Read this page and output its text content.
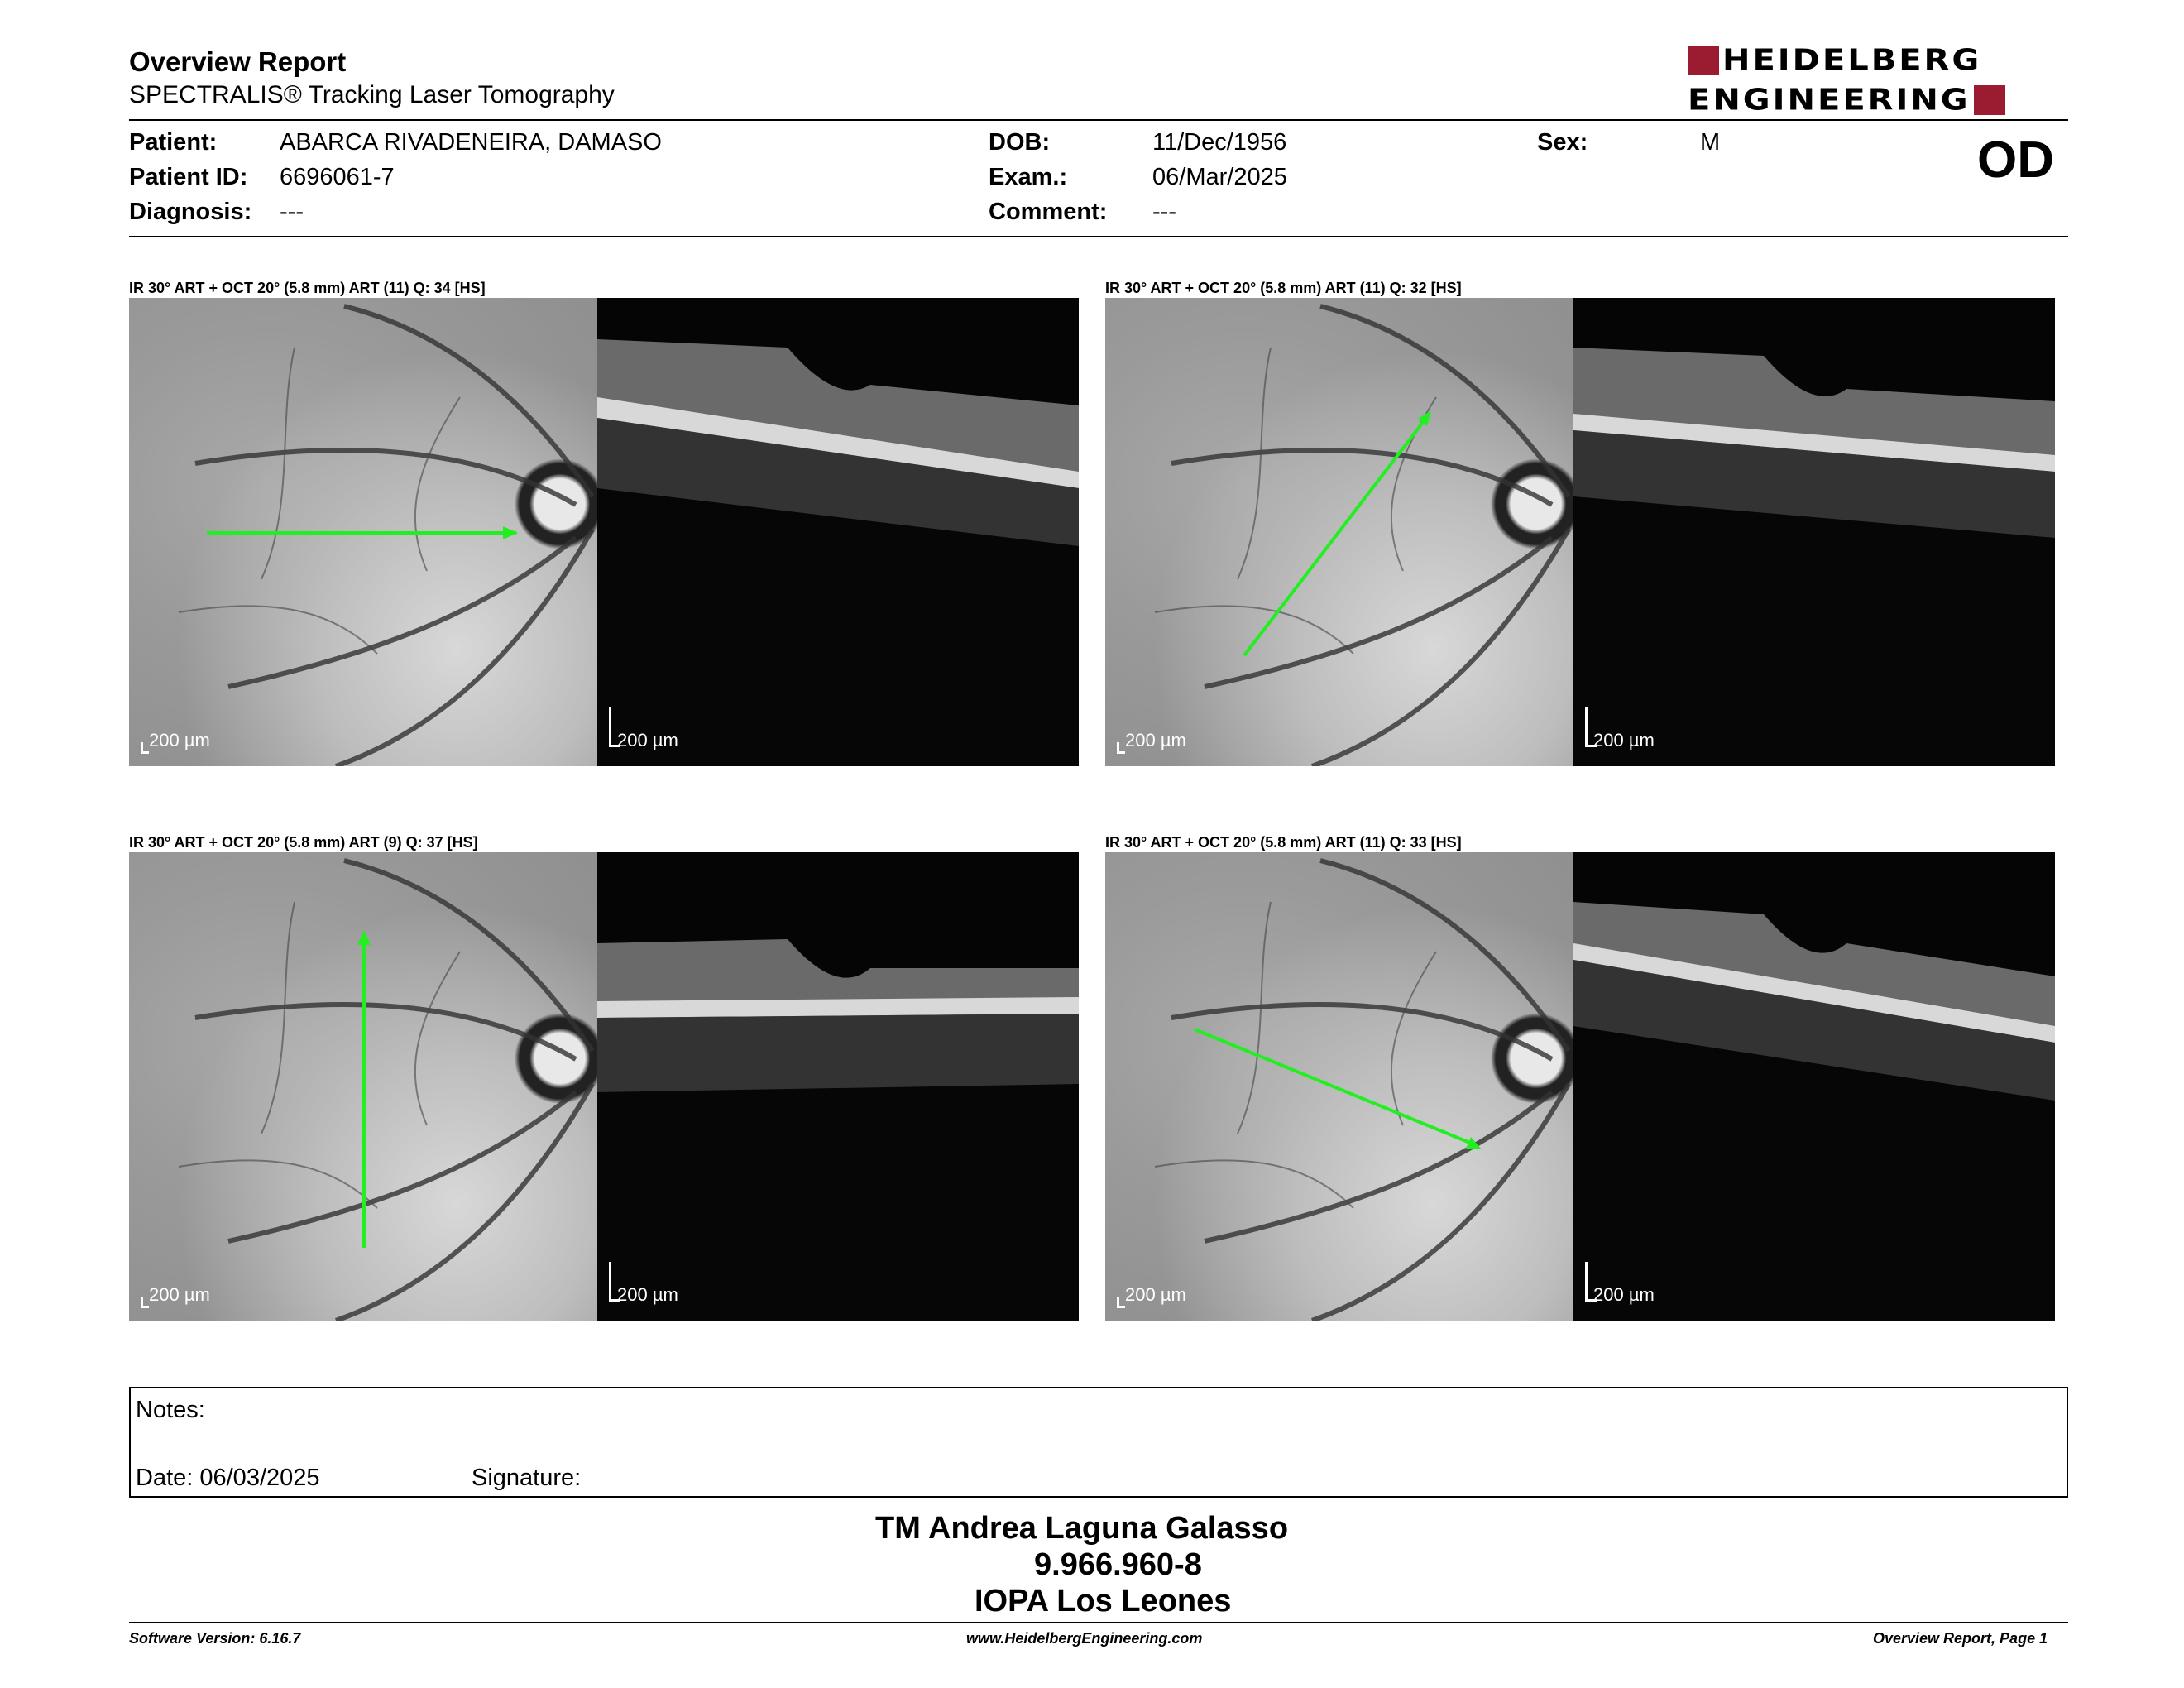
Overview Report
SPECTRALIS® Tracking Laser Tomography
HEIDELBERG
ENGINEERING
Patient:	ABARCA RIVADENEIRA, DAMASO
Patient ID: 6696061-7
Diagnosis: ---
DOB:	11/Dec/1956
Exam.:	06/Mar/2025
Comment: ---
Sex:	M	OD
IR 30° ART + OCT 20° (5.8 mm) ART (11) Q: 34 [HS]
200 µm	200 µm
IR 30° ART + OCT 20° (5.8 mm) ART (11) Q: 32 [HS]
200 µm	200 µm
IR 30° ART + OCT 20° (5.8 mm) ART (9) Q: 37 [HS]
200 µm	200 µm
IR 30° ART + OCT 20° (5.8 mm) ART (11) Q: 33 [HS]
200 µm	200 µm
Notes:
Date: 06/03/2025	Signature:
TM Andrea Laguna Galasso
9.966.960-8
IOPA Los Leones
Software Version: 6.16.7	www.HeidelbergEngineering.com	Overview Report, Page 1
